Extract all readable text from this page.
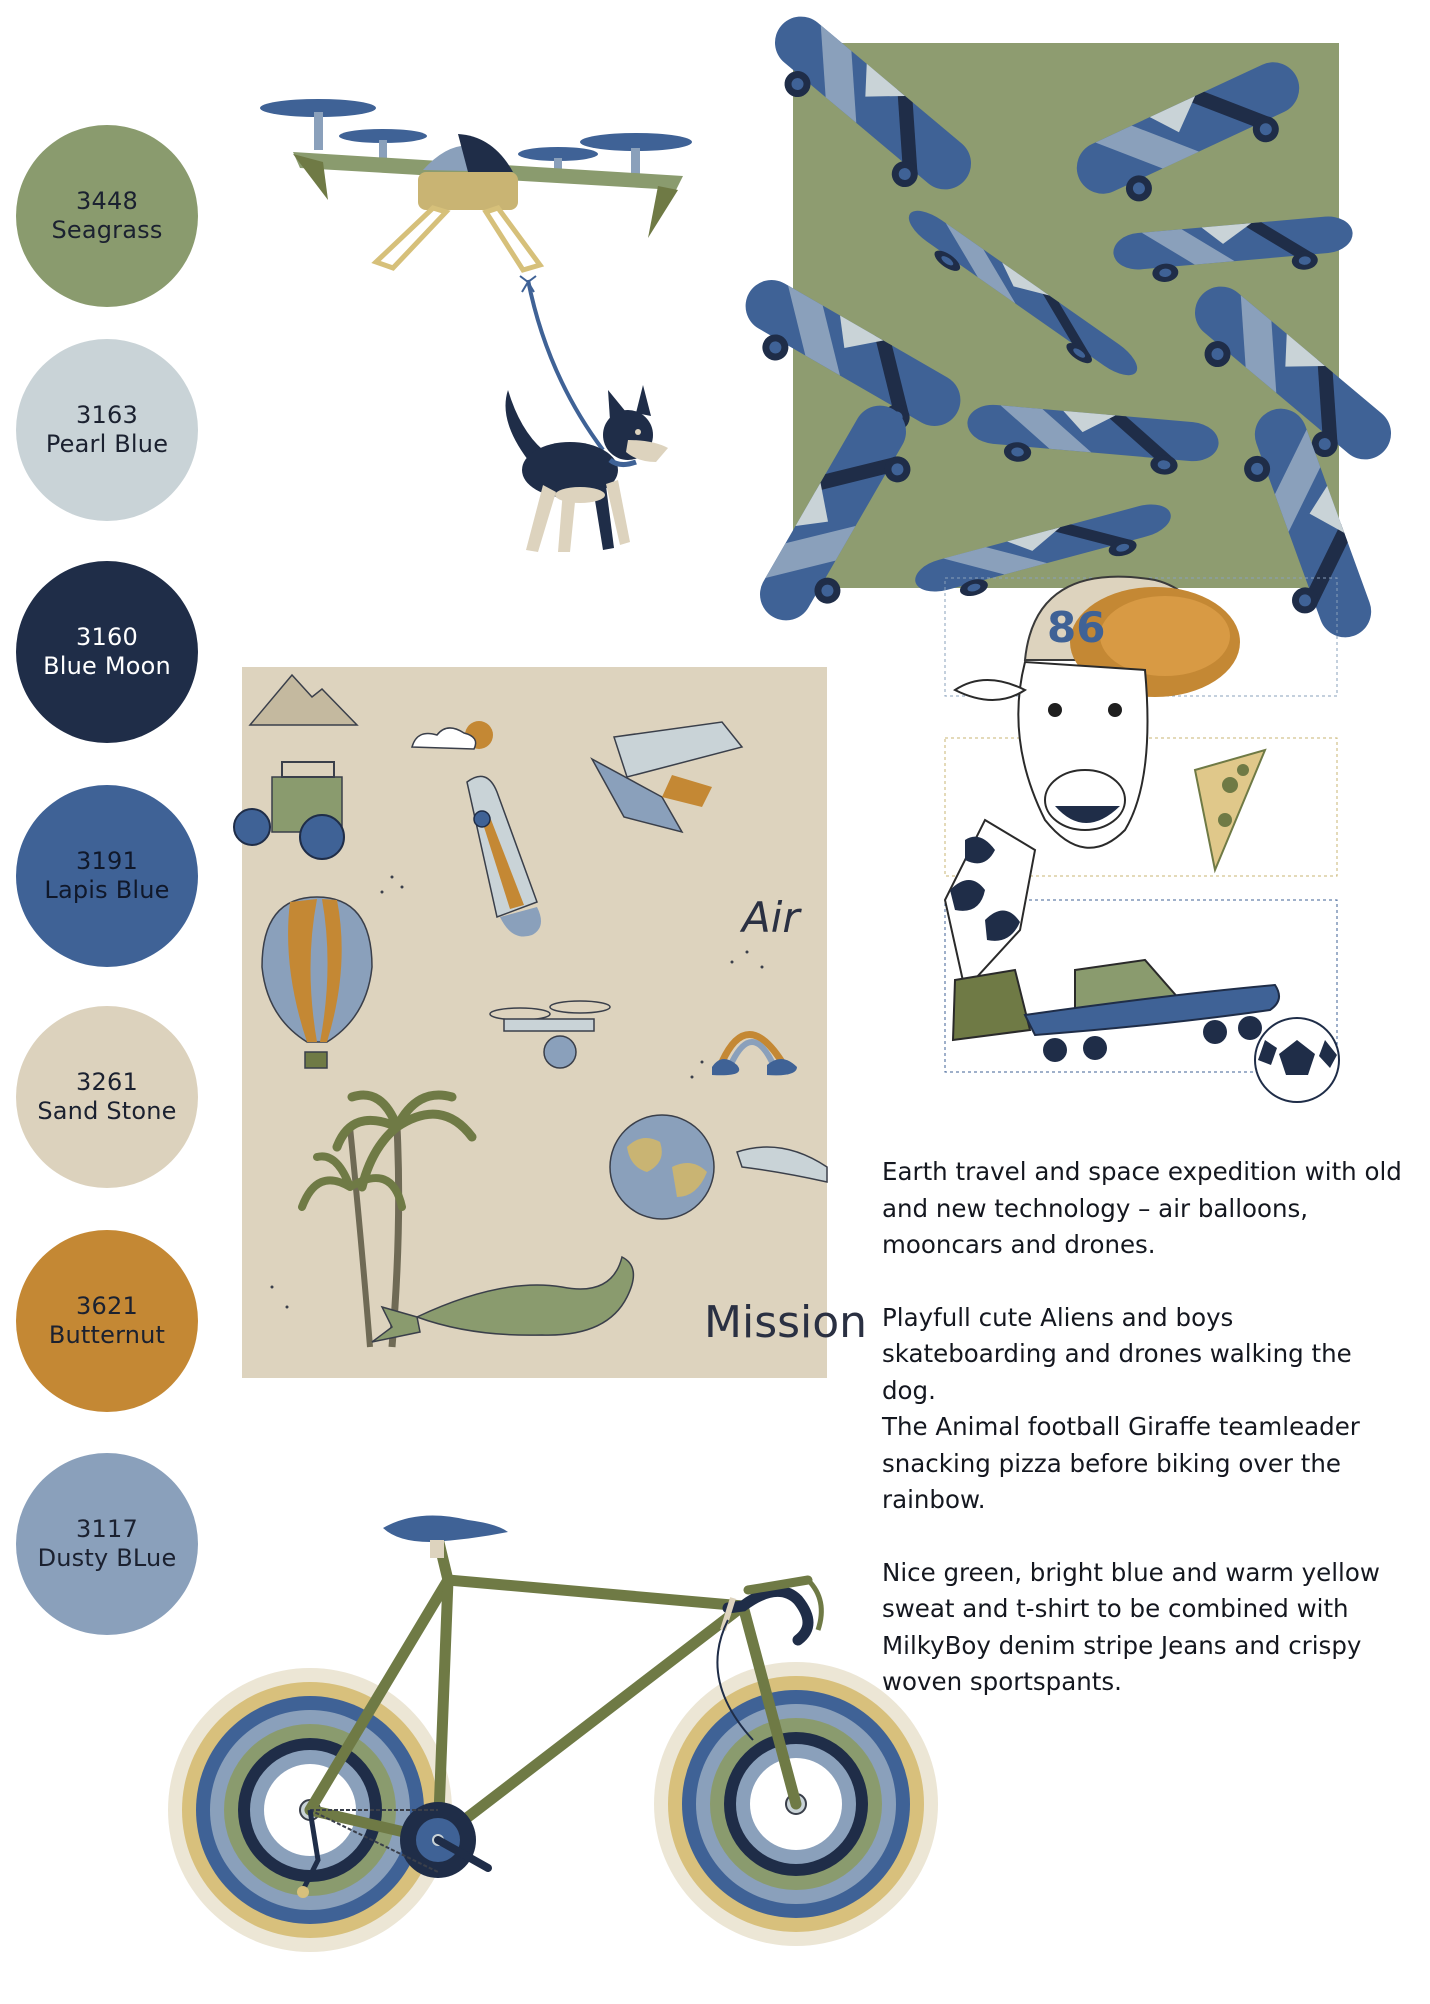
3448
Seagrass
3163
Pearl Blue
3160
Blue Moon
3191
Lapis Blue
3261
Sand Stone
3621
Butternut
3117
Dusty BLue
86
Air
Mission

Earth travel and space expedition with old and new technology – air balloons, mooncars and drones.

Playfull cute Aliens and boys skateboarding and drones walking the dog.

The Animal football Giraffe teamleader snacking pizza before biking over the rainbow.

Nice green, bright blue and warm yellow sweat and t-shirt to be combined with MilkyBoy denim stripe Jeans and crispy woven sportspants.
